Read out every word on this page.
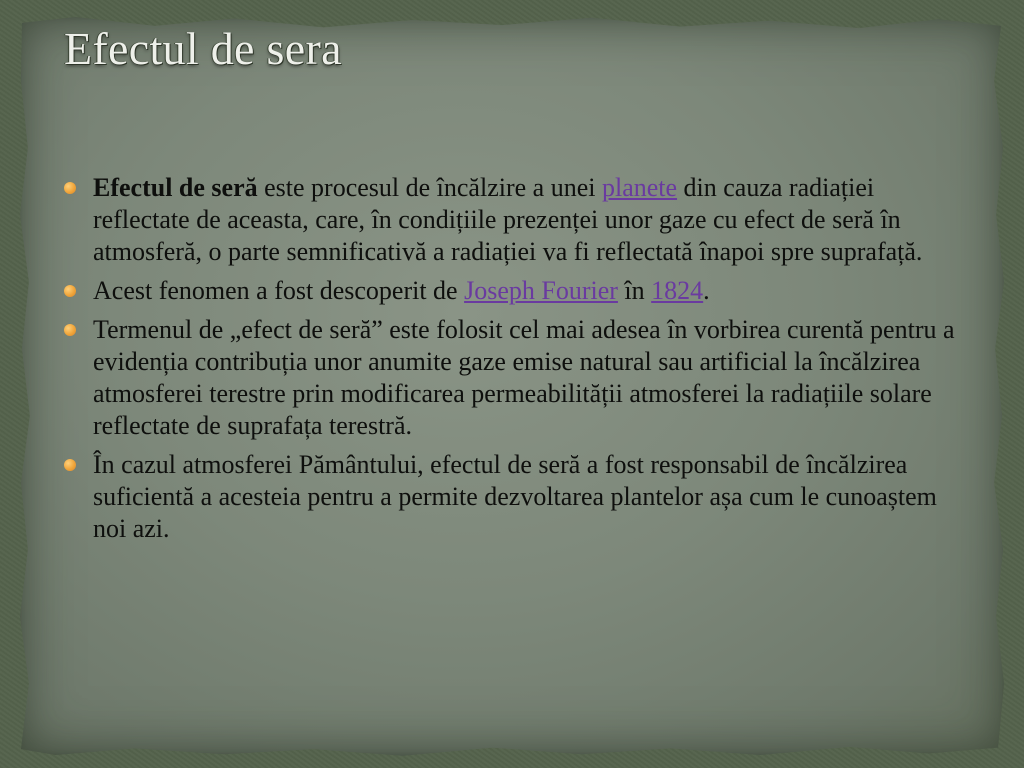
Efectul de sera
Efectul de seră este procesul de încălzire a unei planete din cauza radiației reflectate de aceasta, care, în condițiile prezenței unor gaze cu efect de seră în atmosferă, o parte semnificativă a radiației va fi reflectată înapoi spre suprafață.
Acest fenomen a fost descoperit de Joseph Fourier în 1824.
Termenul de „efect de seră” este folosit cel mai adesea în vorbirea curentă pentru a evidenția contribuția unor anumite gaze emise natural sau artificial la încălzirea atmosferei terestre prin modificarea permeabilității atmosferei la radiațiile solare reflectate de suprafața terestră.
În cazul atmosferei Pământului, efectul de seră a fost responsabil de încălzirea suficientă a acesteia pentru a permite dezvoltarea plantelor așa cum le cunoaștem noi azi.
